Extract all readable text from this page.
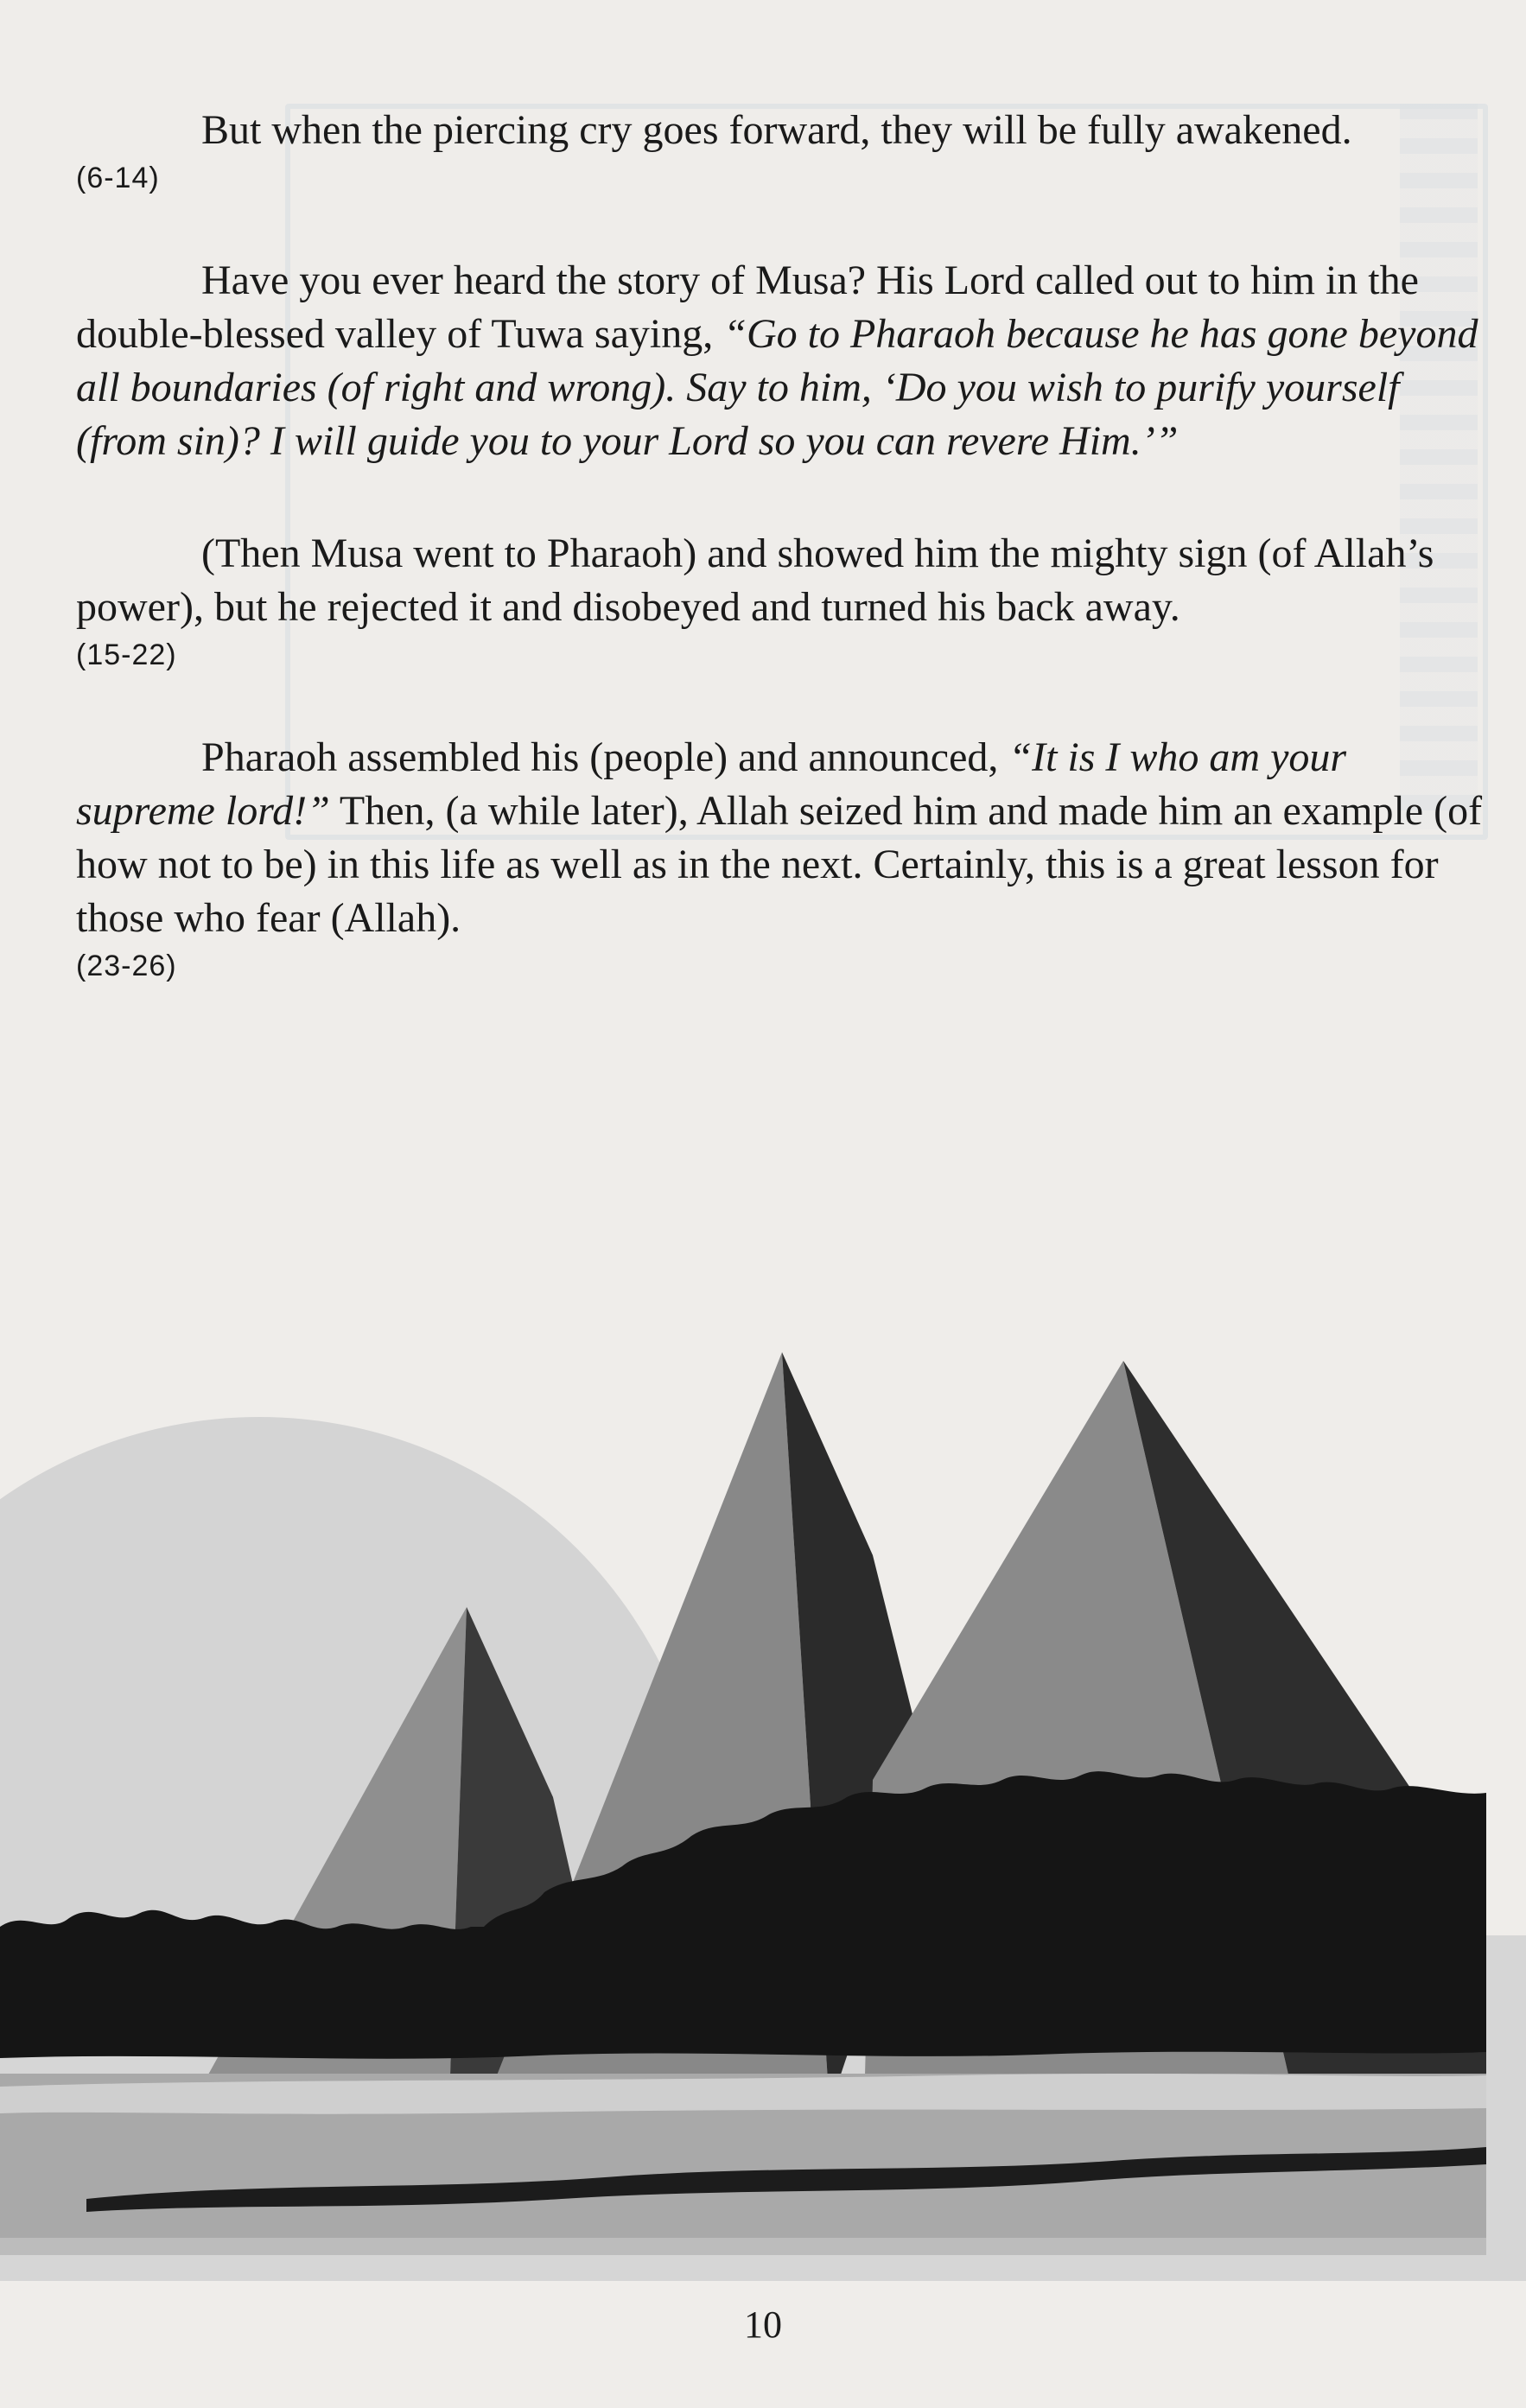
But when the piercing cry goes forward, they will be fully awakened.

(6-14)

Have you ever heard the story of Musa? His Lord called out to him in the double-blessed valley of Tuwa saying, “Go to Pharaoh because he has gone beyond all boundaries (of right and wrong). Say to him, ‘Do you wish to purify yourself (from sin)? I will guide you to your Lord so you can revere Him.’”

(Then Musa went to Pharaoh) and showed him the mighty sign (of Allah’s power), but he rejected it and disobeyed and turned his back away.

(15-22)

Pharaoh assembled his (people) and announced, “It is I who am your supreme lord!” Then, (a while later), Allah seized him and made him an example (of how not to be) in this life as well as in the next. Certainly, this is a great lesson for those who fear (Allah).

(23-26)
10
